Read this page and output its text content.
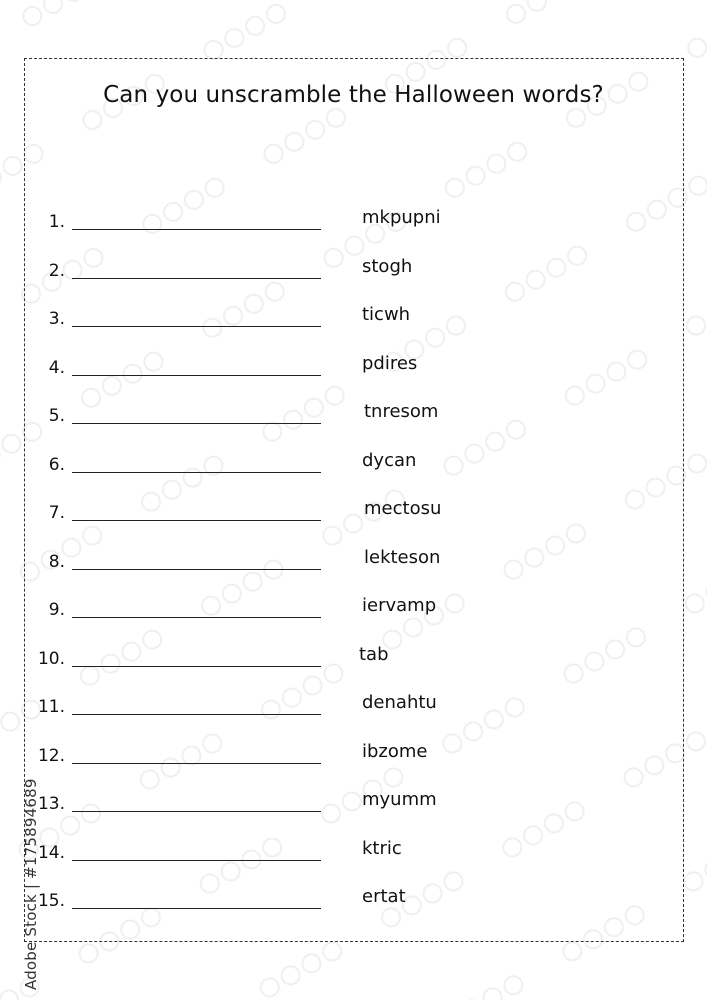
Can you unscramble the Halloween words?
1.	mkpupni
2.	stogh
3.	ticwh
4.	pdires
5.	tnresom
6.	dycan
7.	mectosu
8.	lekteson
9.	iervamp
10.	tab
11.	denahtu
12.	ibzome
13.	myumm
14.	ktric
15.	ertat
Adobe Stock | #175894689
